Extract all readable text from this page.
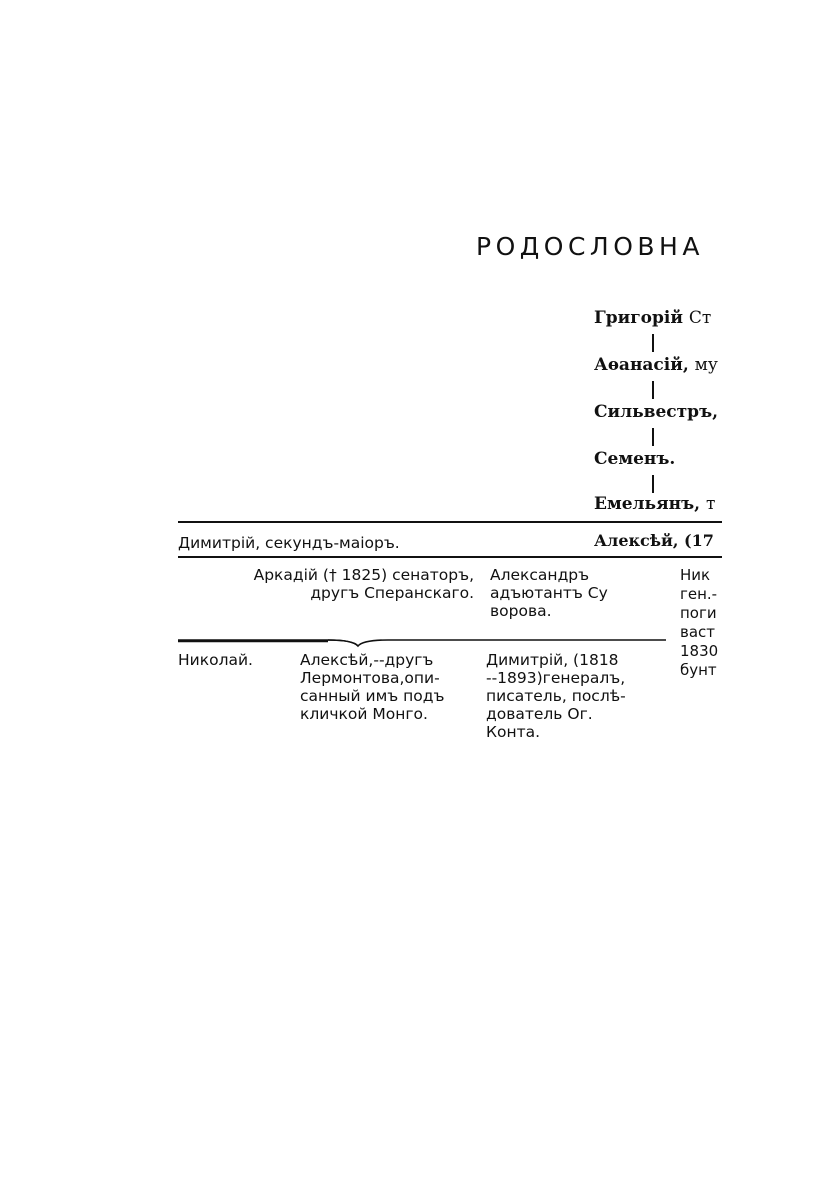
РОДОСЛОВНА
Григорій Ст
Аѳанасій, му
Сильвестръ,
Семенъ.
Емельянъ, т
Димитрій, секундъ-маіоръ.	Алексѣй, (17
Аркадій († 1825) сенаторъ,
другъ Сперанскаго.
Александръ
адъютантъ Су
ворова.
Ник
ген.-
поги
васт
1830
бунт
Николай.	Алексѣй,--другъ
Лермонтова,опи-
санный имъ подъ
кличкой Монго.
Димитрій, (1818
--1893)генералъ,
писатель, послѣ-
дователь Ог.
Конта.
